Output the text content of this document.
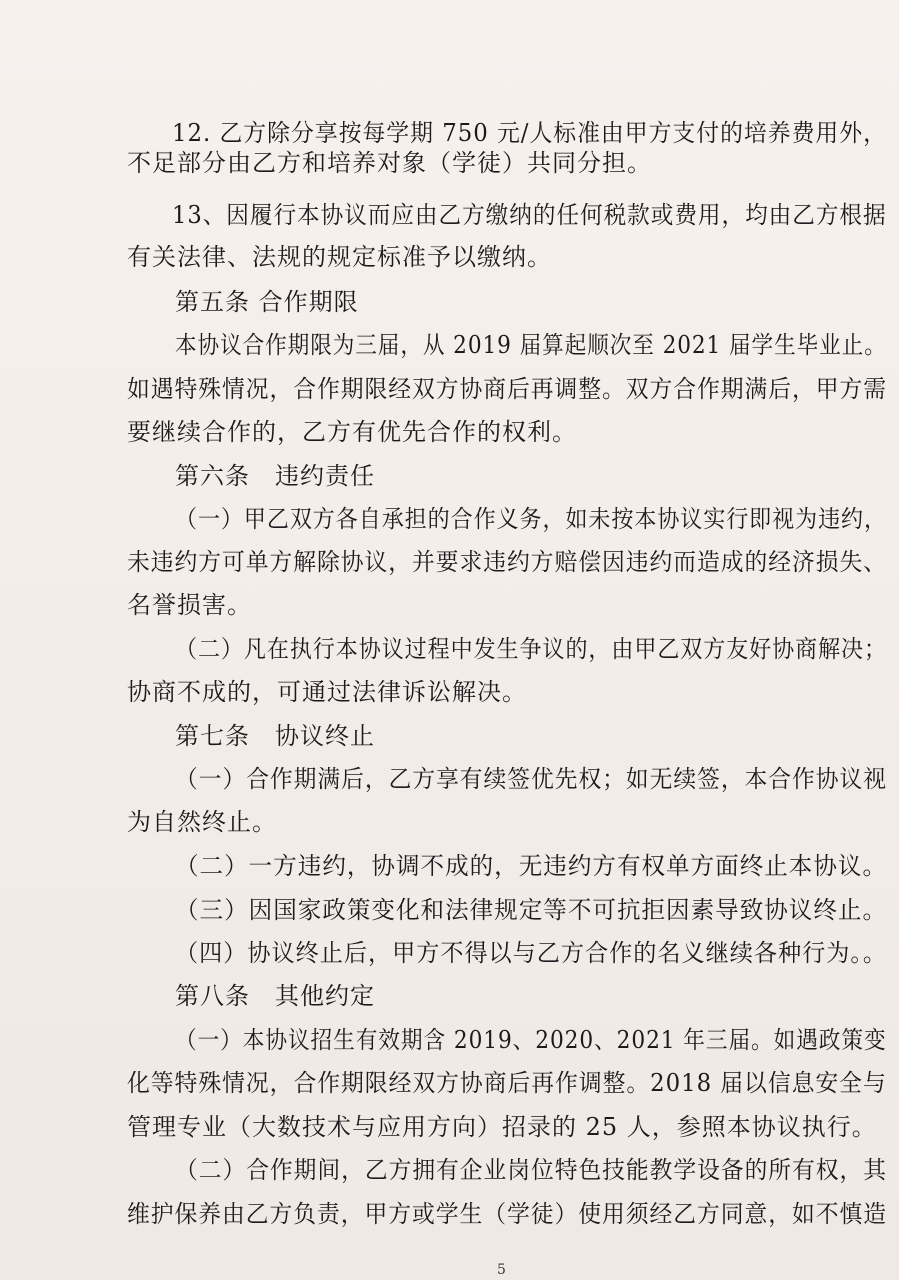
12. 乙方除分享按每学期 750 元/人标准由甲方支付的培养费用外，
不足部分由乙方和培养对象（学徒）共同分担。
13、因履行本协议而应由乙方缴纳的任何税款或费用，均由乙方根据
有关法律、法规的规定标准予以缴纳。
第五条 合作期限
本协议合作期限为三届，从 2019 届算起顺次至 2021 届学生毕业止。
如遇特殊情况，合作期限经双方协商后再调整。双方合作期满后，甲方需
要继续合作的，乙方有优先合作的权利。
第六条　违约责任
（一）甲乙双方各自承担的合作义务，如未按本协议实行即视为违约，
未违约方可单方解除协议，并要求违约方赔偿因违约而造成的经济损失、
名誉损害。
（二）凡在执行本协议过程中发生争议的，由甲乙双方友好协商解决；
协商不成的，可通过法律诉讼解决。
第七条　协议终止
（一）合作期满后，乙方享有续签优先权；如无续签，本合作协议视
为自然终止。
（二）一方违约，协调不成的，无违约方有权单方面终止本协议。
（三）因国家政策变化和法律规定等不可抗拒因素导致协议终止。
（四）协议终止后，甲方不得以与乙方合作的名义继续各种行为。。
第八条　其他约定
（一）本协议招生有效期含 2019、2020、2021 年三届。如遇政策变
化等特殊情况，合作期限经双方协商后再作调整。2018 届以信息安全与
管理专业（大数技术与应用方向）招录的 25 人，参照本协议执行。
（二）合作期间，乙方拥有企业岗位特色技能教学设备的所有权，其
维护保养由乙方负责，甲方或学生（学徒）使用须经乙方同意，如不慎造
5
